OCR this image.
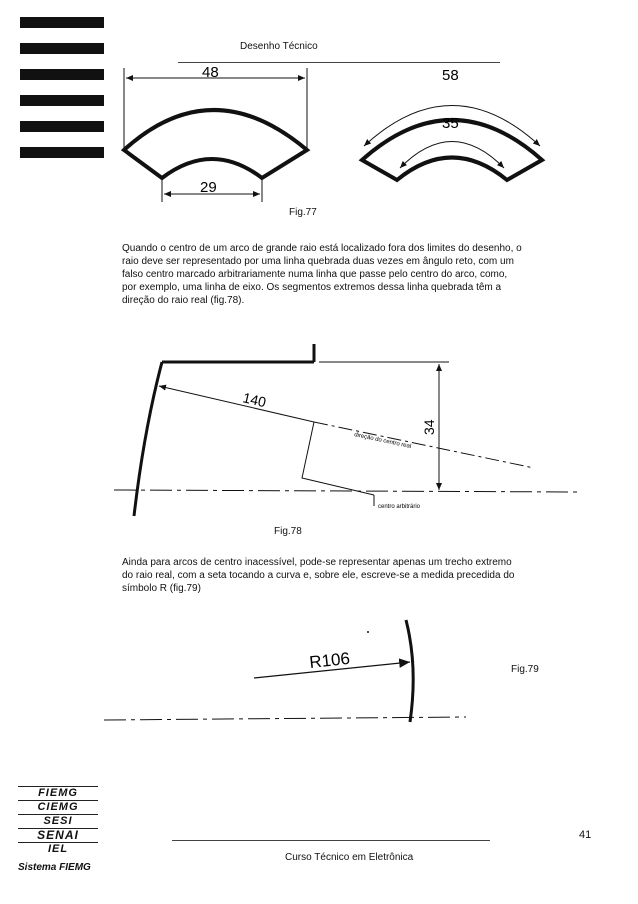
Desenho Técnico
48
29
58
35
Fig.77
Quando o centro de um arco de grande raio está localizado fora dos limites do desenho, o raio deve ser representado por uma linha quebrada duas vezes em ângulo reto, com um falso centro marcado arbitrariamente numa linha que passe pelo centro do arco, como, por exemplo, uma linha de eixo. Os segmentos extremos dessa linha quebrada têm a direção do raio real (fig.78).
34
140
direção do centro real
centro arbitrário
Fig.78
Ainda para arcos de centro inacessível, pode-se representar apenas um trecho extremo do raio real, com a seta tocando a curva e, sobre ele, escreve-se a medida precedida do símbolo R (fig.79)
R106	Fig.79
FIEMG
CIEMG
SESI
SENAI
IEL
Sistema FIEMG
41
Curso Técnico em Eletrônica
